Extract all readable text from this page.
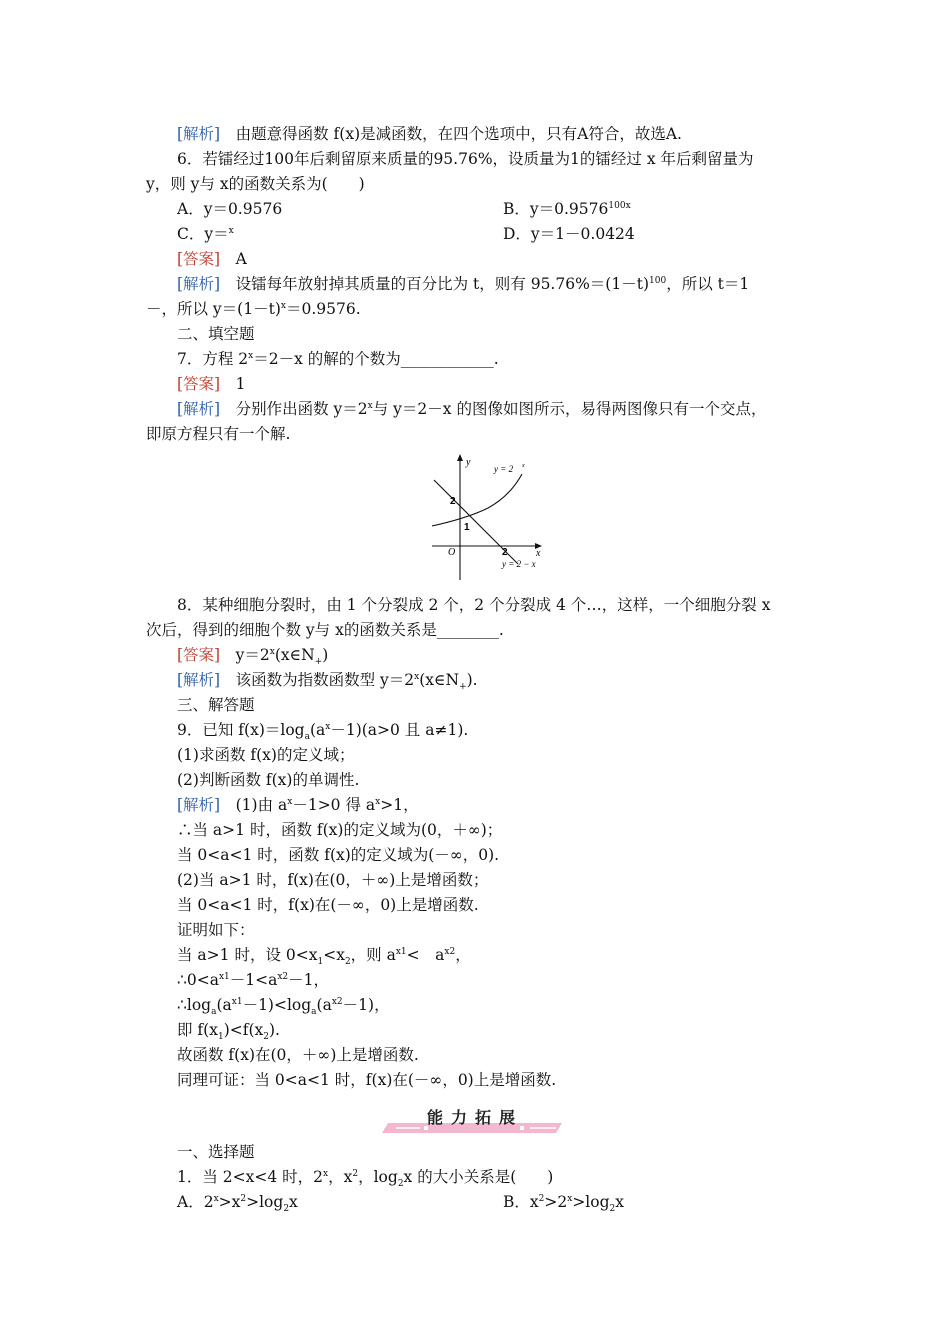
[解析]　 由题意得函数 f(x)是减函数，在四个选项中，只有A符合，故选A.
6．若镭经过100年后剩留原来质量的95.76%，设质量为1的镭经过 x 年后剩留量为
y，则 y与 x的函数关系为(　　)
A．y＝0.9576	B．$y=0.9576^{100x}$
C．y＝$^x$	D．y＝1－0.0424
[答案]　 A
[解析]　 设镭每年放射掉其质量的百分比为 t，则有 $95.76\%=(1-t)^{100}$，所以 t＝1
－，所以 $y=(1-t)^x=0.9576$.
二、填空题
7．方程 $2^x=2-x$ 的解的个数为____________.
[答案]　 1
[解析]　 分别作出函数 $y=2^x$与 y＝2－x 的图像如图所示，易得两图像只有一个交点，
即原方程只有一个解.
y
x
O
2
1
2
y = 2 x
y = 2 − x
8．某种细胞分裂时，由 1 个分裂成 2 个，2 个分裂成 4 个…，这样，一个细胞分裂 x
次后，得到的细胞个数 y与 x的函数关系是________.
[答案]　 $y=2^x(x\in N_+)$
[解析]　 该函数为指数函数型 $y=2^x(x\in N_+)$.
三、解答题
9．已知 $f(x)=\log_a(a^x-1)(a>0$ 且 a≠1).
(1)求函数 f(x)的定义域；
(2)判断函数 f(x)的单调性.
[解析]　 (1)由 $a^x-1>0$ 得 $a^x>1$，
∴当 a>1 时，函数 f(x)的定义域为(0，＋∞)；
当 0<a<1 时，函数 f(x)的定义域为(－∞，0).
(2)当 a>1 时，f(x)在(0，＋∞)上是增函数；
当 0<a<1 时，f(x)在(－∞，0)上是增函数.
证明如下：
当 a>1 时，设 $0<x_1<x_2$，则 $a^{x1}<$　$a^{x2}$，
$\therefore 0<a^{x1}-1<a^{x2}-1$，
$\therefore\log_a(a^{x1}-1)<\log_a(a^{x2}-1)$，
即 $f(x_1)<f(x_2)$.
故函数 f(x)在(0，＋∞)上是增函数.
同理可证：当 0<a<1 时，f(x)在(－∞，0)上是增函数.
能力拓展
一、选择题
1．当 2<x<4 时，2$^x$，$x^2$，$\log_2x$ 的大小关系是(　　)
A．$2^x>x^2>\log_2x$	B．$x^2>2^x>\log_2x$
